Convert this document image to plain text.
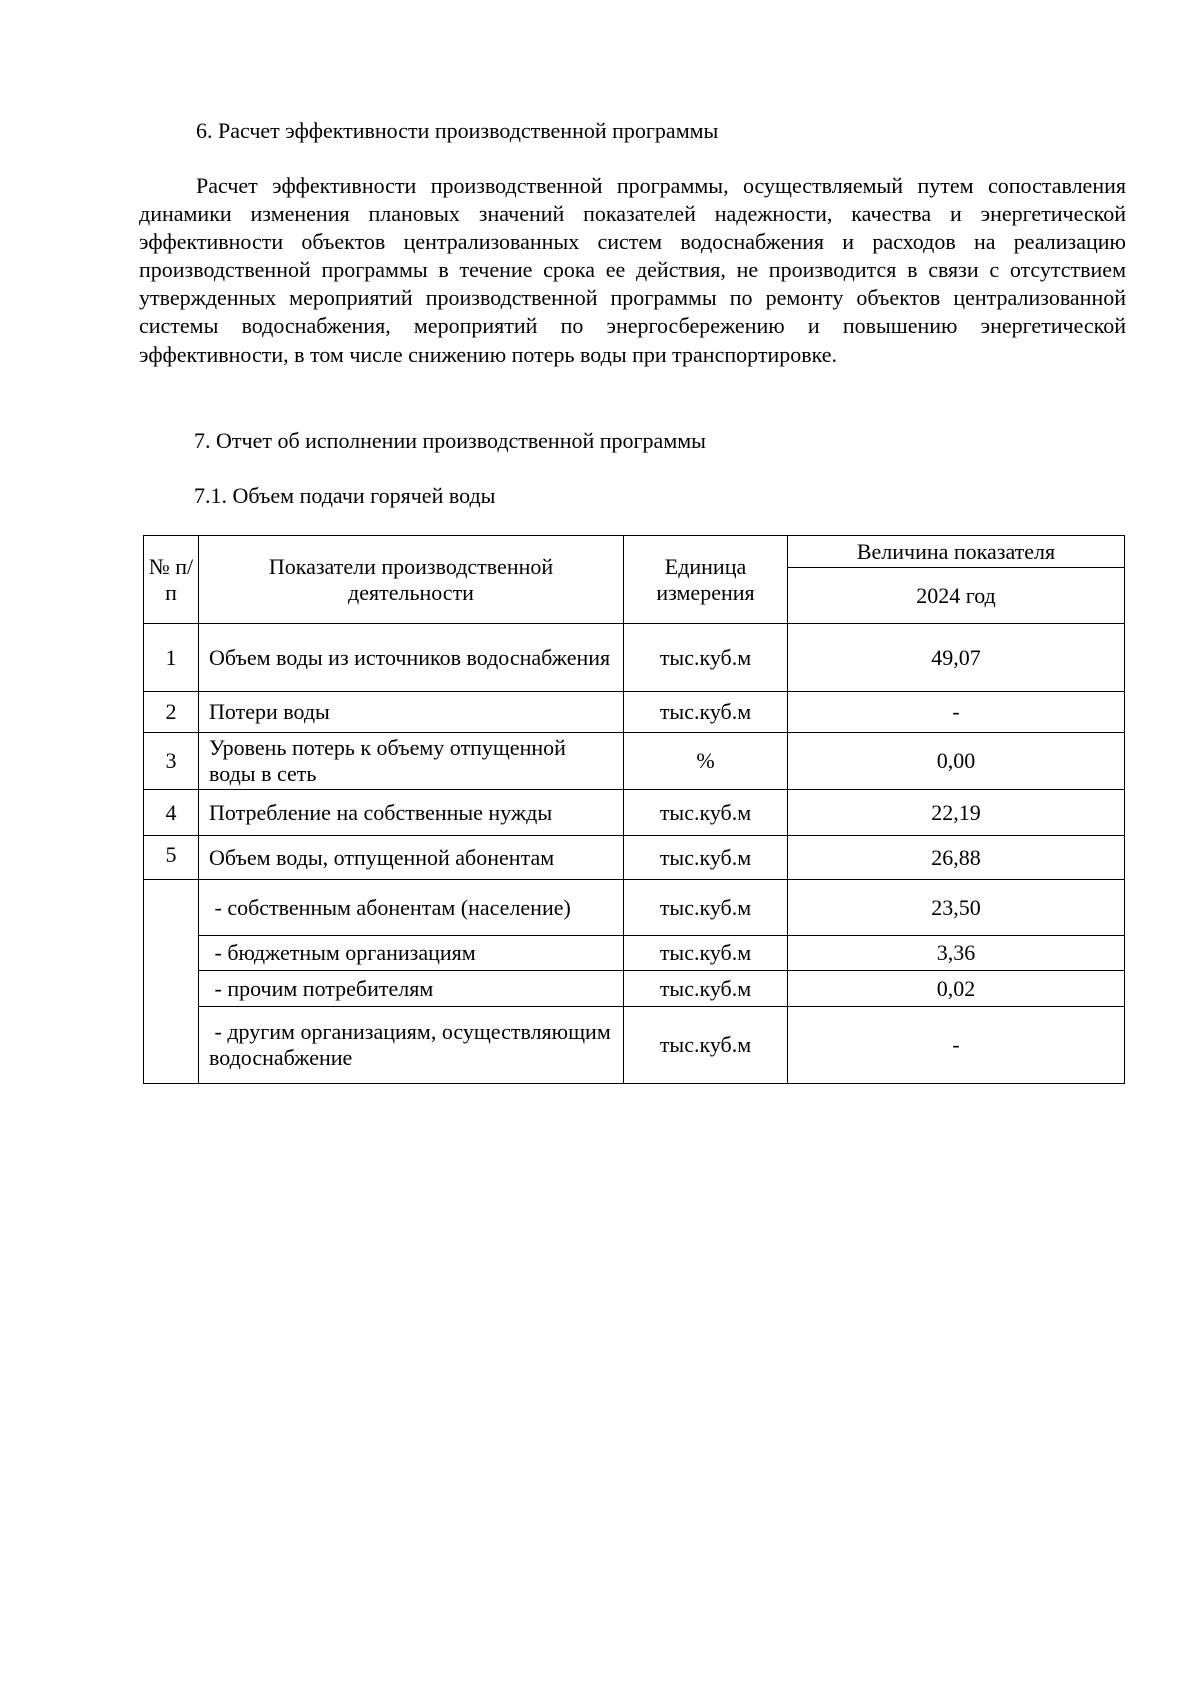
6. Расчет эффективности производственной программы

Расчет эффективности производственной программы, осуществляемый путем сопоставления динамики изменения плановых значений показателей надежности, качества и энергетической эффективности объектов централизованных систем водоснабжения и расходов на реализацию производственной программы в течение срока ее действия, не производится в связи с отсутствием утвержденных мероприятий производственной программы по ремонту объектов централизованной системы водоснабжения, мероприятий по энергосбережению и повышению энергетической эффективности, в том числе снижению потерь воды при транспортировке.

7. Отчет об исполнении производственной программы
7.1. Объем подачи горячей воды
№ п/п	Показатели производственной деятельности	Единица измерения	Величина показателя
			2024 год
1	Объем воды из источников водоснабжения	тыс.куб.м	49,07
2	Потери воды	тыс.куб.м	-
3	Уровень потерь к объему отпущенной воды в сеть	%	0,00
4	Потребление на собственные нужды	тыс.куб.м	22,19
5	Объем воды, отпущенной абонентам	тыс.куб.м	26,88
	- собственным абонентам (население)	тыс.куб.м	23,50
	- бюджетным организациям	тыс.куб.м	3,36
	- прочим потребителям	тыс.куб.м	0,02
	- другим организациям, осуществляющим водоснабжение	тыс.куб.м	-
